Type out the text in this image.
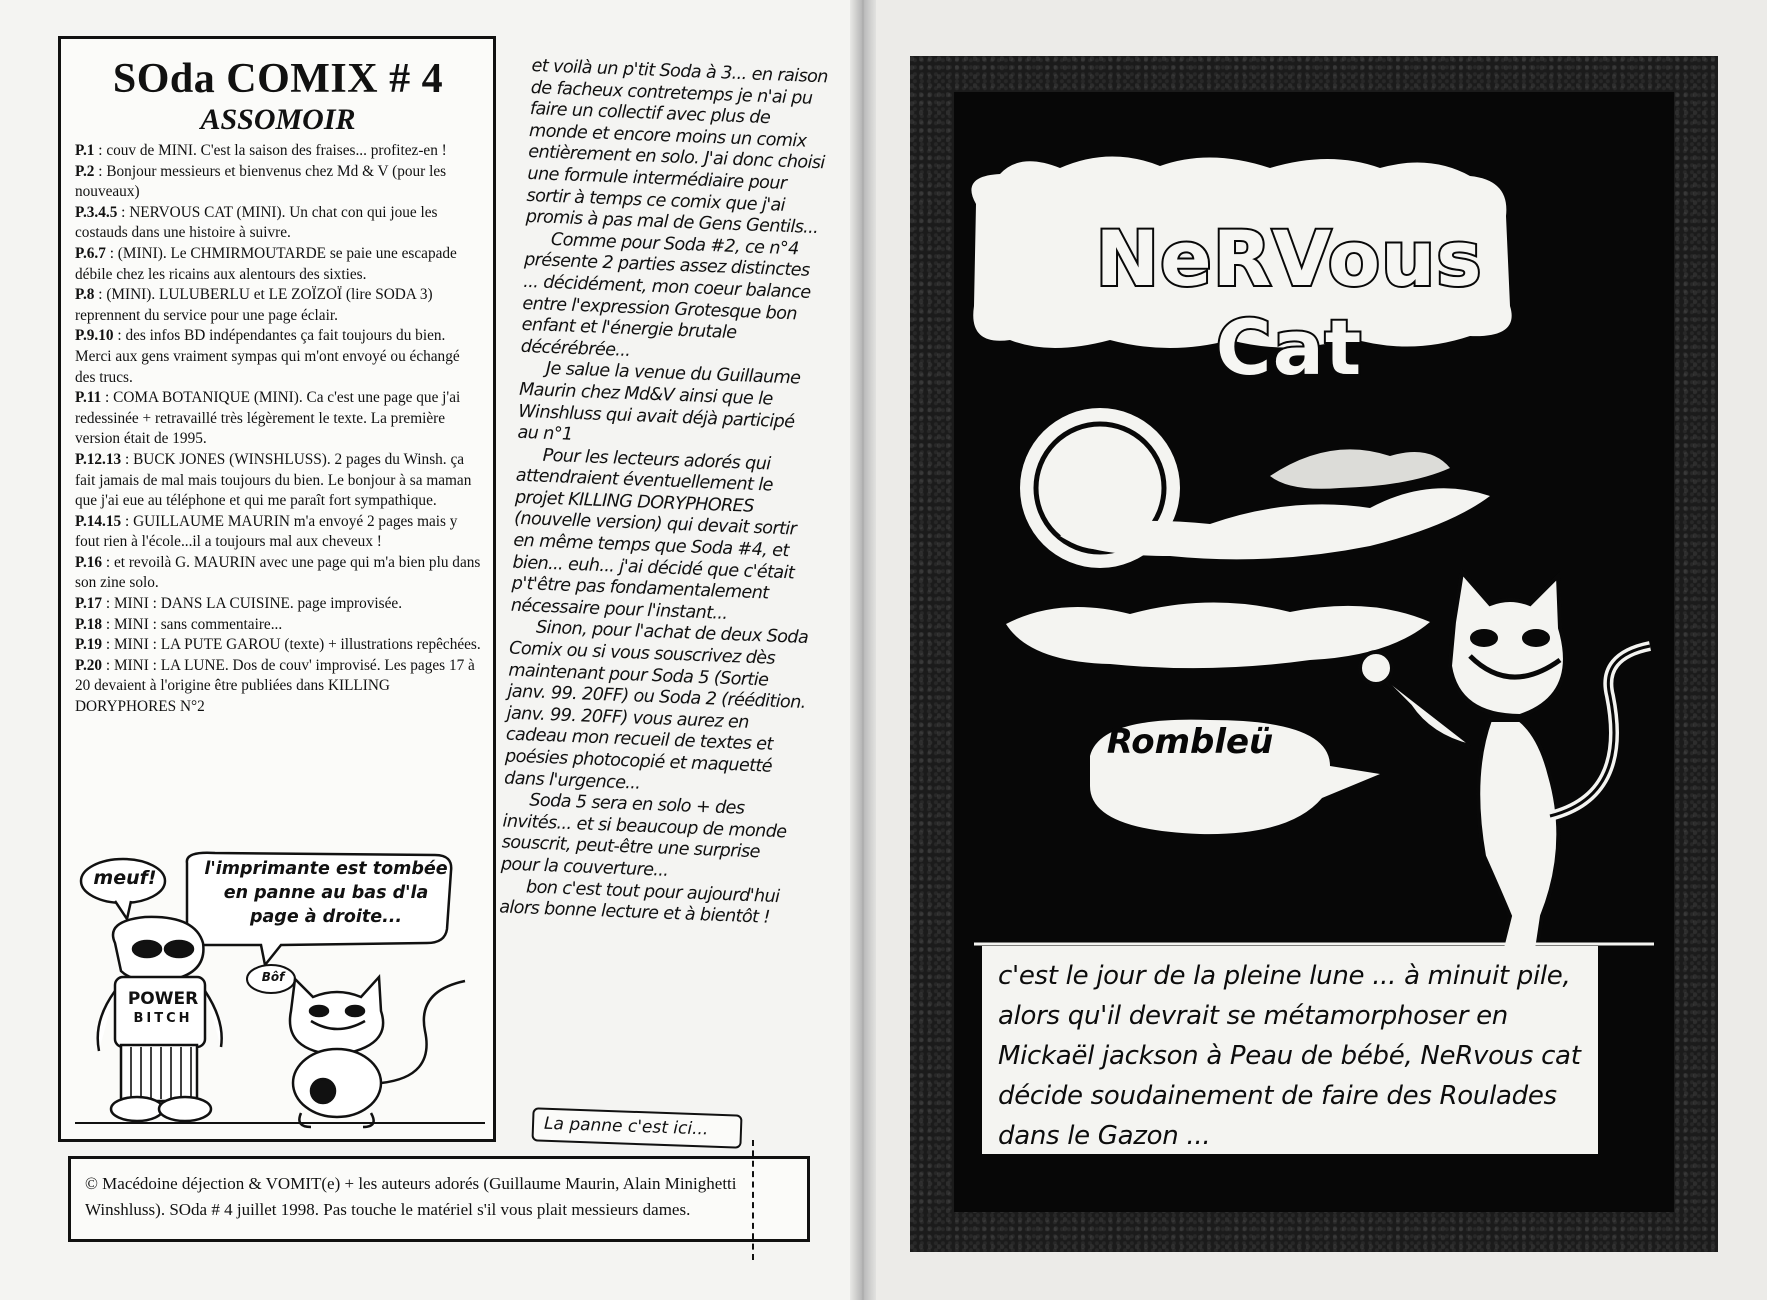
SOda COMIX # 4
ASSOMOIR

P.1 : couv de MINI. C'est la saison des fraises... profitez-en !

P.2 : Bonjour messieurs et bienvenus chez Md & V (pour les nouveaux)

P.3.4.5 : NERVOUS CAT (MINI). Un chat con qui joue les costauds dans une histoire à suivre.

P.6.7 : (MINI). Le CHMIRMOUTARDE se paie une escapade débile chez les ricains aux alentours des sixties.

P.8 : (MINI). LULUBERLU et LE ZOÏZOÏ (lire SODA 3) reprennent du service pour une page éclair.

P.9.10 : des infos BD indépendantes ça fait toujours du bien. Merci aux gens vraiment sympas qui m'ont envoyé ou échangé des trucs.

P.11 : COMA BOTANIQUE (MINI). Ca c'est une page que j'ai redessinée + retravaillé très légèrement le texte. La première version était de 1995.

P.12.13 : BUCK JONES (WINSHLUSS). 2 pages du Winsh. ça fait jamais de mal mais toujours du bien. Le bonjour à sa maman que j'ai eue au téléphone et qui me paraît fort sympathique.

P.14.15 : GUILLAUME MAURIN m'a envoyé 2 pages mais y fout rien à l'école...il a toujours mal aux cheveux !

P.16 : et revoilà G. MAURIN avec une page qui m'a bien plu dans son zine solo.

P.17 : MINI : DANS LA CUISINE. page improvisée.

P.18 : MINI : sans commentaire...

P.19 : MINI : LA PUTE GAROU (texte) + illustrations repêchées.

P.20 : MINI : LA LUNE. Dos de couv' improvisé. Les pages 17 à 20 devaient à l'origine être publiées dans KILLING DORYPHORES N°2

meuf!	l'imprimante est tombée
en panne au bas d'la
page à droite...
Bôf
POWER
BITCH

et voilà un p'tit Soda à 3... en raison de facheux contretemps je n'ai pu faire un collectif avec plus de monde et encore moins un comix entièrement en solo. J'ai donc choisi une formule intermédiaire pour sortir à temps ce comix que j'ai promis à pas mal de Gens Gentils...

Comme pour Soda #2, ce n°4 présente 2 parties assez distinctes ... décidément, mon coeur balance entre l'expression Grotesque bon enfant et l'énergie brutale décérébrée...

Je salue la venue du Guillaume Maurin chez Md&V ainsi que le Winshluss qui avait déjà participé au n°1

Pour les lecteurs adorés qui attendraient éventuellement le projet KILLING DORYPHORES (nouvelle version) qui devait sortir en même temps que Soda #4, et bien... euh... j'ai décidé que c'était p't'être pas fondamentalement nécessaire pour l'instant...

Sinon, pour l'achat de deux Soda Comix ou si vous souscrivez dès maintenant pour Soda 5 (Sortie janv. 99. 20FF) ou Soda 2 (réédition. janv. 99. 20FF) vous aurez en cadeau mon recueil de textes et poésies photocopié et maquetté dans l'urgence...

Soda 5 sera en solo + des invités... et si beaucoup de monde souscrit, peut-être une surprise pour la couverture...

bon c'est tout pour aujourd'hui alors bonne lecture et à bientôt !

La panne c'est ici...
© Macédoine déjection & VOMIT(e) + les auteurs adorés (Guillaume Maurin, Alain Minighetti Winshluss). SOda # 4 juillet 1998. Pas touche le matériel s'il vous plait messieurs dames.
NeRVous Cat
Rombleü
c'est le jour de la pleine lune ... à minuit pile, alors qu'il devrait se métamorphoser en Mickaël jackson à Peau de bébé, NeRvous cat décide soudainement de faire des Roulades dans le Gazon ...
